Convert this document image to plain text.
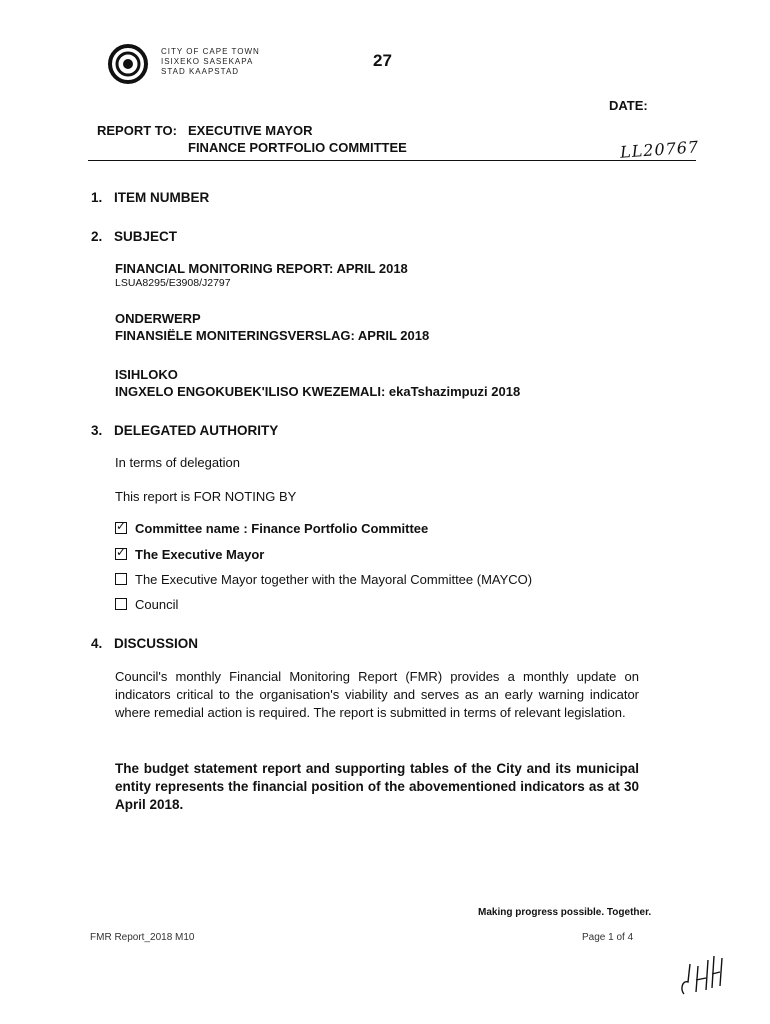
CITY OF CAPE TOWN
ISIXEKO SASEKAPA
STAD KAAPSTAD
27
DATE:
REPORT TO: EXECUTIVE MAYOR
FINANCE PORTFOLIO COMMITTEE	LL20767
1. ITEM NUMBER
2. SUBJECT
FINANCIAL MONITORING REPORT: APRIL 2018
LSUA8295/E3908/J2797
ONDERWERP
FINANSIËLE MONITERINGSVERSLAG: APRIL 2018
ISIHLOKO
INGXELO ENGOKUBEK'ILISO KWEZEMALI: ekaTshazimpuzi 2018
3. DELEGATED AUTHORITY
In terms of delegation
This report is FOR NOTING BY
✓Committee name : Finance Portfolio Committee
✓The Executive Mayor
The Executive Mayor together with the Mayoral Committee (MAYCO)
Council
4. DISCUSSION
Council's monthly Financial Monitoring Report (FMR) provides a monthly update on indicators critical to the organisation's viability and serves as an early warning indicator where remedial action is required. The report is submitted in terms of relevant legislation.
The budget statement report and supporting tables of the City and its municipal entity represents the financial position of the abovementioned indicators as at 30 April 2018.
Making progress possible. Together.
FMR Report_2018 M10	Page 1 of 4
